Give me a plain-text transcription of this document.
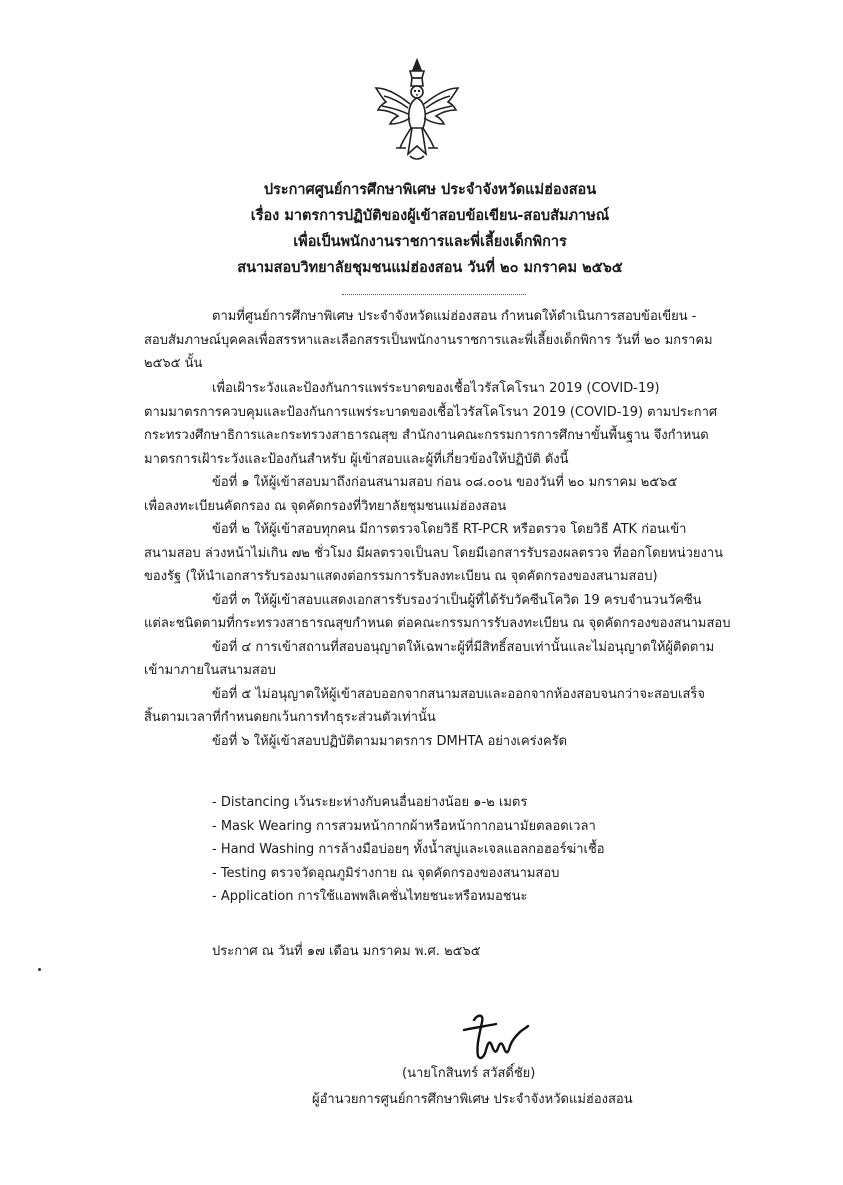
ประกาศศูนย์การศึกษาพิเศษ ประจำจังหวัดแม่ฮ่องสอน
เรื่อง มาตรการปฏิบัติของผู้เข้าสอบข้อเขียน-สอบสัมภาษณ์
เพื่อเป็นพนักงานราชการและพี่เลี้ยงเด็กพิการ
สนามสอบวิทยาลัยชุมชนแม่ฮ่องสอน วันที่ ๒๐ มกราคม ๒๕๖๕

ตามที่ศูนย์การศึกษาพิเศษ ประจำจังหวัดแม่ฮ่องสอน กำหนดให้ดำเนินการสอบข้อเขียน -

สอบสัมภาษณ์บุคคลเพื่อสรรหาและเลือกสรรเป็นพนักงานราชการและพี่เลี้ยงเด็กพิการ วันที่ ๒๐ มกราคม

๒๕๖๕ นั้น

เพื่อเฝ้าระวังและป้องกันการแพร่ระบาดของเชื้อไวรัสโคโรนา 2019 (COVID-19)

ตามมาตรการควบคุมและป้องกันการแพร่ระบาดของเชื้อไวรัสโคโรนา 2019 (COVID-19) ตามประกาศ

กระทรวงศึกษาธิการและกระทรวงสาธารณสุข สำนักงานคณะกรรมการการศึกษาขั้นพื้นฐาน จึงกำหนด

มาตรการเฝ้าระวังและป้องกันสำหรับ ผู้เข้าสอบและผู้ที่เกี่ยวข้องให้ปฏิบัติ ดังนี้

ข้อที่ ๑ ให้ผู้เข้าสอบมาถึงก่อนสนามสอบ ก่อน ๐๘.๐๐น ของวันที่ ๒๐ มกราคม ๒๕๖๕

เพื่อลงทะเบียนคัดกรอง ณ จุดคัดกรองที่วิทยาลัยชุมชนแม่ฮ่องสอน

ข้อที่ ๒ ให้ผู้เข้าสอบทุกคน มีการตรวจโดยวิธี RT-PCR หรือตรวจ โดยวิธี ATK ก่อนเข้า

สนามสอบ ล่วงหน้าไม่เกิน ๗๒ ชั่วโมง มีผลตรวจเป็นลบ โดยมีเอกสารรับรองผลตรวจ ที่ออกโดยหน่วยงาน

ของรัฐ (ให้นำเอกสารรับรองมาแสดงต่อกรรมการรับลงทะเบียน ณ จุดคัดกรองของสนามสอบ)

ข้อที่ ๓ ให้ผู้เข้าสอบแสดงเอกสารรับรองว่าเป็นผู้ที่ได้รับวัคซีนโควิด 19 ครบจำนวนวัคซีน

แต่ละชนิดตามที่กระทรวงสาธารณสุขกำหนด ต่อคณะกรรมการรับลงทะเบียน ณ จุดคัดกรองของสนามสอบ

ข้อที่ ๔ การเข้าสถานที่สอบอนุญาตให้เฉพาะผู้ที่มีสิทธิ์สอบเท่านั้นและไม่อนุญาตให้ผู้ติดตาม

เข้ามาภายในสนามสอบ

ข้อที่ ๕ ไม่อนุญาตให้ผู้เข้าสอบออกจากสนามสอบและออกจากห้องสอบจนกว่าจะสอบเสร็จ

สิ้นตามเวลาที่กำหนดยกเว้นการทำธุระส่วนตัวเท่านั้น

ข้อที่ ๖ ให้ผู้เข้าสอบปฏิบัติตามมาตรการ DMHTA อย่างเคร่งครัด

- Distancing เว้นระยะห่างกับคนอื่นอย่างน้อย ๑-๒ เมตร

- Mask Wearing การสวมหน้ากากผ้าหรือหน้ากากอนามัยตลอดเวลา

- Hand Washing การล้างมือบ่อยๆ ทั้งน้ำสบู่และเจลแอลกอฮอร์ฆ่าเชื้อ

- Testing ตรวจวัดอุณภูมิร่างกาย ณ จุดคัดกรองของสนามสอบ

- Application การใช้แอพพลิเคชั่นไทยชนะหรือหมอชนะ

ประกาศ ณ วันที่ ๑๗ เดือน มกราคม พ.ศ. ๒๕๖๕
(นายโกสินทร์ สวัสดิ์ชัย)
ผู้อำนวยการศูนย์การศึกษาพิเศษ ประจำจังหวัดแม่ฮ่องสอน
